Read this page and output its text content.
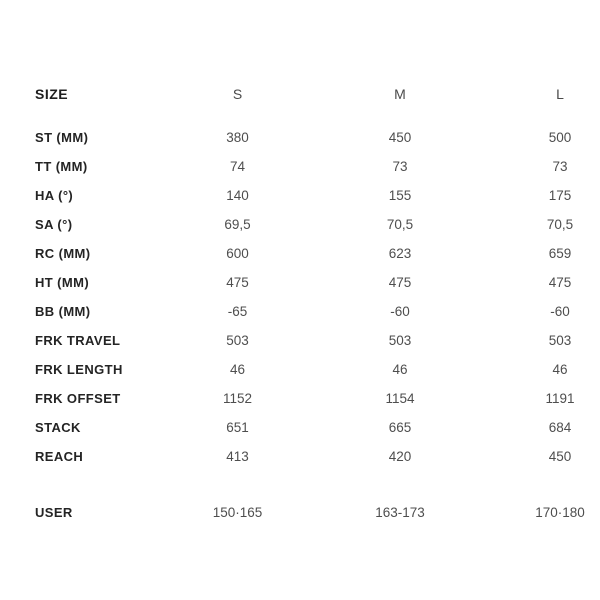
SIZE	S	M	L
ST (MM)	380	450	500
TT (MM)	74	73	73
HA (°)	140	155	175
SA (°)	69,5	70,5	70,5
RC (MM)	600	623	659
HT (MM)	475	475	475
BB (MM)	-65	-60	-60
FRK TRAVEL	503	503	503
FRK LENGTH	46	46	46
FRK OFFSET	1152	1154	1191
STACK	651	665	684
REACH	413	420	450
USER	150·165	163-173	170·180
